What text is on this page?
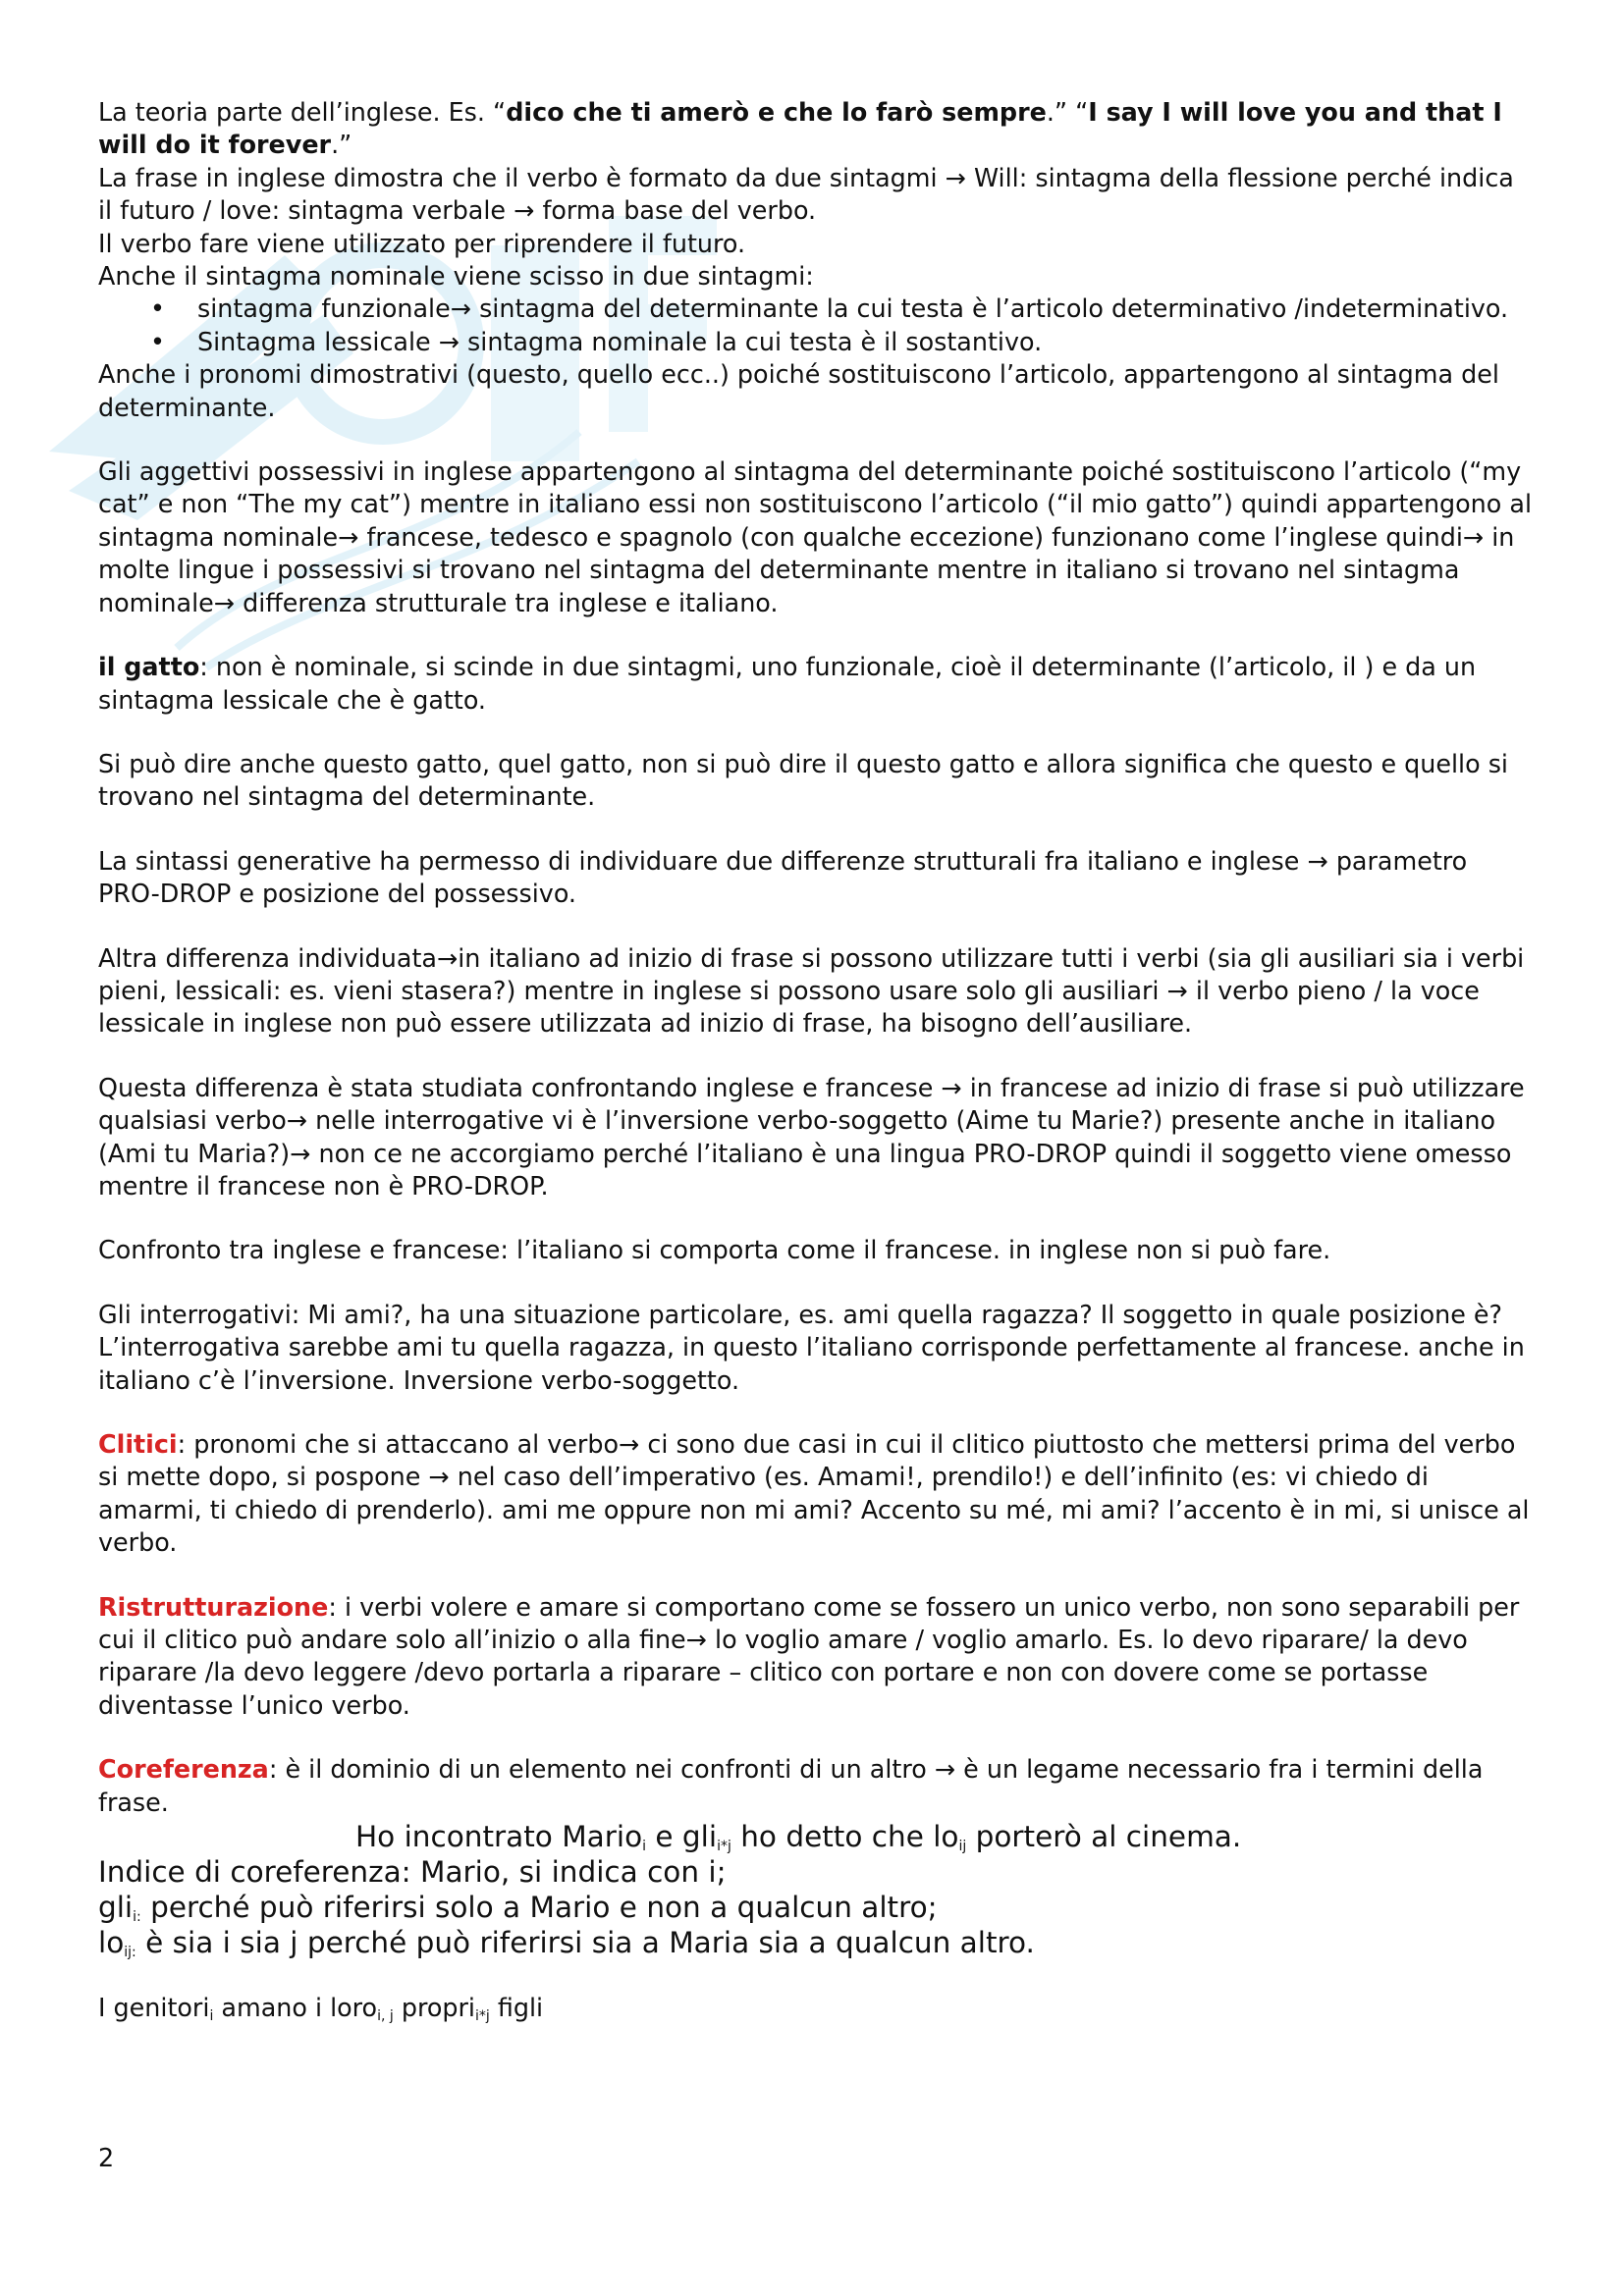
La teoria parte dell’inglese. Es. “dico che ti amerò e che lo farò sempre.” “I say I will love you and that I will do it forever.”

La frase in inglese dimostra che il verbo è formato da due sintagmi → Will: sintagma della flessione perché indica il futuro / love: sintagma verbale → forma base del verbo.

Il verbo fare viene utilizzato per riprendere il futuro.

Anche il sintagma nominale viene scisso in due sintagmi:

• sintagma funzionale→ sintagma del determinante la cui testa è l’articolo determinativo /indeterminativo.
• Sintagma lessicale → sintagma nominale la cui testa è il sostantivo.

Anche i pronomi dimostrativi (questo, quello ecc..) poiché sostituiscono l’articolo, appartengono al sintagma del determinante.

Gli aggettivi possessivi in inglese appartengono al sintagma del determinante poiché sostituiscono l’articolo (“my cat” e non “The my cat”) mentre in italiano essi non sostituiscono l’articolo (“il mio gatto”) quindi appartengono al sintagma nominale→ francese, tedesco e spagnolo (con qualche eccezione) funzionano come l’inglese quindi→ in molte lingue i possessivi si trovano nel sintagma del determinante mentre in italiano si trovano nel sintagma nominale→ differenza strutturale tra inglese e italiano.

il gatto: non è nominale, si scinde in due sintagmi, uno funzionale, cioè il determinante (l’articolo, il ) e da un sintagma lessicale che è gatto.

Si può dire anche questo gatto, quel gatto, non si può dire il questo gatto e allora significa che questo e quello si trovano nel sintagma del determinante.

La sintassi generative ha permesso di individuare due differenze strutturali fra italiano e inglese → parametro PRO-DROP e posizione del possessivo.

Altra differenza individuata→in italiano ad inizio di frase si possono utilizzare tutti i verbi (sia gli ausiliari sia i verbi pieni, lessicali: es. vieni stasera?) mentre in inglese si possono usare solo gli ausiliari → il verbo pieno / la voce lessicale in inglese non può essere utilizzata ad inizio di frase, ha bisogno dell’ausiliare.

Questa differenza è stata studiata confrontando inglese e francese → in francese ad inizio di frase si può utilizzare qualsiasi verbo→ nelle interrogative vi è l’inversione verbo-soggetto (Aime tu Marie?) presente anche in italiano (Ami tu Maria?)→ non ce ne accorgiamo perché l’italiano è una lingua PRO-DROP quindi il soggetto viene omesso mentre il francese non è PRO-DROP.

Confronto tra inglese e francese: l’italiano si comporta come il francese. in inglese non si può fare.

Gli interrogativi: Mi ami?, ha una situazione particolare, es. ami quella ragazza? Il soggetto in quale posizione è? L’interrogativa sarebbe ami tu quella ragazza, in questo l’italiano corrisponde perfettamente al francese. anche in italiano c’è l’inversione. Inversione verbo-soggetto.

Clitici: pronomi che si attaccano al verbo→ ci sono due casi in cui il clitico piuttosto che mettersi prima del verbo si mette dopo, si pospone → nel caso dell’imperativo (es. Amami!, prendilo!) e dell’infinito (es: vi chiedo di amarmi, ti chiedo di prenderlo). ami me oppure non mi ami? Accento su mé, mi ami? l’accento è in mi, si unisce al verbo.

Ristrutturazione: i verbi volere e amare si comportano come se fossero un unico verbo, non sono separabili per cui il clitico può andare solo all’inizio o alla fine→ lo voglio amare / voglio amarlo. Es. lo devo riparare/ la devo riparare /la devo leggere /devo portarla a riparare – clitico con portare e non con dovere come se portasse diventasse l’unico verbo.

Coreferenza: è il dominio di un elemento nei confronti di un altro → è un legame necessario fra i termini della frase.

Ho incontrato Mario$_i$ e gli$_{i*j}$ ho detto che $lo_{ij}$ porterò al cinema.

Indice di coreferenza: Mario, si indica con i;

gli$_{i:}$ perché può riferirsi solo a Mario e non a qualcun altro;

$lo_{ij:}$ è sia i sia j perché può riferirsi sia a Maria sia a qualcun altro.

I genitori$_i$ amano i loro$_{i, j}$ propri$_{i*j}$ figli

2
